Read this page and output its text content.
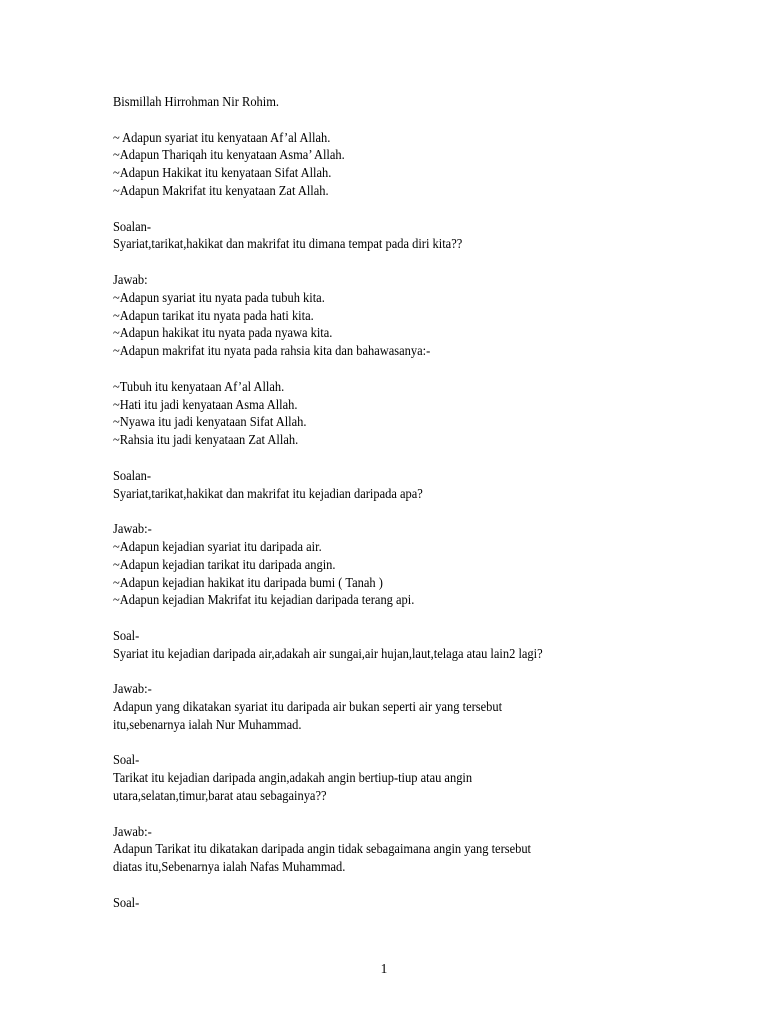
Bismillah Hirrohman Nir Rohim.
~ Adapun syariat itu kenyataan Af’al Allah.
~Adapun Thariqah itu kenyataan Asma’ Allah.
~Adapun Hakikat itu kenyataan Sifat Allah.
~Adapun Makrifat itu kenyataan Zat Allah.
Soalan-
Syariat,tarikat,hakikat dan makrifat itu dimana tempat pada diri kita??
Jawab:
~Adapun syariat itu nyata pada tubuh kita.
~Adapun tarikat itu nyata pada hati kita.
~Adapun hakikat itu nyata pada nyawa kita.
~Adapun makrifat itu nyata pada rahsia kita dan bahawasanya:-
~Tubuh itu kenyataan Af’al Allah.
~Hati itu jadi kenyataan Asma Allah.
~Nyawa itu jadi kenyataan Sifat Allah.
~Rahsia itu jadi kenyataan Zat Allah.
Soalan-
Syariat,tarikat,hakikat dan makrifat itu kejadian daripada apa?
Jawab:-
~Adapun kejadian syariat itu daripada air.
~Adapun kejadian tarikat itu daripada angin.
~Adapun kejadian hakikat itu daripada bumi ( Tanah )
~Adapun kejadian Makrifat itu kejadian daripada terang api.
Soal-
Syariat itu kejadian daripada air,adakah air sungai,air hujan,laut,telaga atau lain2 lagi?
Jawab:-
Adapun yang dikatakan syariat itu daripada air bukan seperti air yang tersebut
itu,sebenarnya ialah Nur Muhammad.
Soal-
Tarikat itu kejadian daripada angin,adakah angin bertiup-tiup atau angin
utara,selatan,timur,barat atau sebagainya??
Jawab:-
Adapun Tarikat itu dikatakan daripada angin tidak sebagaimana angin yang tersebut
diatas itu,Sebenarnya ialah Nafas Muhammad.
Soal-
1
